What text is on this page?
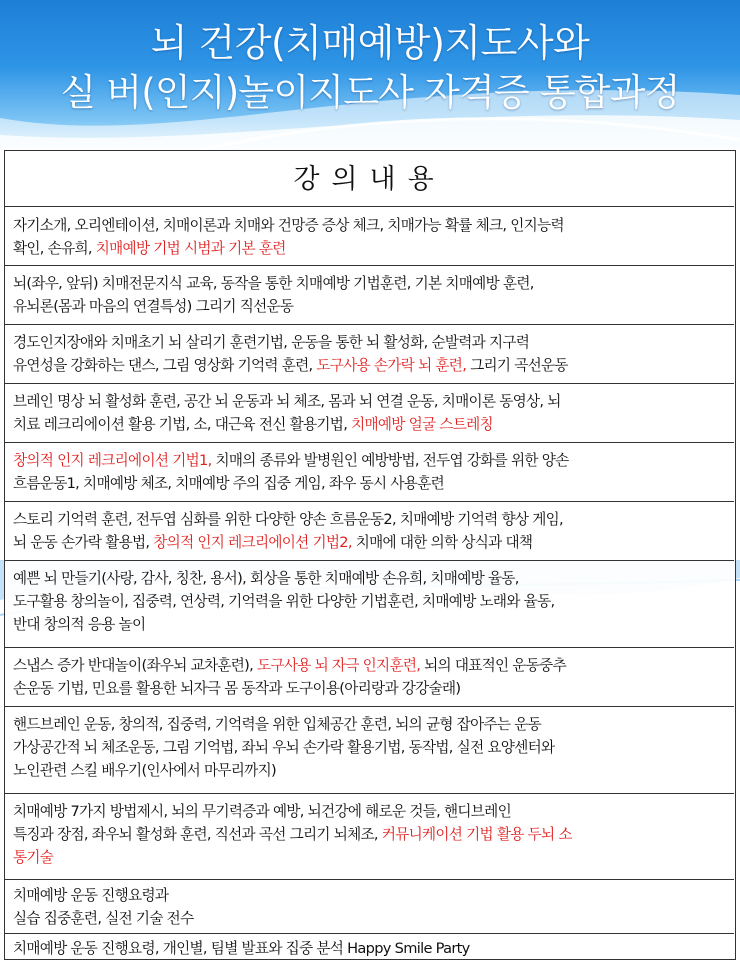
뇌 건강(치매예방)지도사와
실 버(인지)놀이지도사 자격증 통합과정
강의내용
자기소개, 오리엔테이션, 치매이론과 치매와 건망증 증상 체크, 치매가능 확률 체크, 인지능력
확인, 손유희, 치매예방 기법 시범과 기본 훈련
뇌(좌우, 앞뒤) 치매전문지식 교육, 동작을 통한 치매예방 기법훈련, 기본 치매예방 훈련,
유뇌론(몸과 마음의 연결특성) 그리기 직선운동
경도인지장애와 치매초기 뇌 살리기 훈련기법, 운동을 통한 뇌 활성화, 순발력과 지구력
유연성을 강화하는 댄스, 그림 영상화 기억력 훈련, 도구사용 손가락 뇌 훈련, 그리기 곡선운동
브레인 명상 뇌 활성화 훈련, 공간 뇌 운동과 뇌 체조, 몸과 뇌 연결 운동, 치매이론 동영상, 뇌
치료 레크리에이션 활용 기법, 소, 대근육 전신 활용기법, 치매예방 얼굴 스트레칭
창의적 인지 레크리에이션 기법1, 치매의 종류와 발병원인 예방방법, 전두엽 강화를 위한 양손
흐름운동1, 치매예방 체조, 치매예방 주의 집중 게임, 좌우 동시 사용훈련
스토리 기억력 훈련, 전두엽 심화를 위한 다양한 양손 흐름운동2, 치매예방 기억력 향상 게임,
뇌 운동 손가락 활용법, 창의적 인지 레크리에이션 기법2, 치매에 대한 의학 상식과 대책
예쁜 뇌 만들기(사랑, 감사, 칭찬, 용서), 회상을 통한 치매예방 손유희, 치매예방 율동,
도구활용 창의놀이, 집중력, 연상력, 기억력을 위한 다양한 기법훈련, 치매예방 노래와 율동,
반대 창의적 응용 놀이
스냅스 증가 반대놀이(좌우뇌 교차훈련), 도구사용 뇌 자극 인지훈련, 뇌의 대표적인 운동중추
손운동 기법, 민요를 활용한 뇌자극 몸 동작과 도구이용(아리랑과 강강술래)
핸드브레인 운동, 창의적, 집중력, 기억력을 위한 입체공간 훈련, 뇌의 균형 잡아주는 운동
가상공간적 뇌 체조운동, 그림 기억법, 좌뇌 우뇌 손가락 활용기법, 동작법, 실전 요양센터와
노인관련 스킬 배우기(인사에서 마무리까지)
치매예방 7가지 방법제시, 뇌의 무기력증과 예방, 뇌건강에 해로운 것들, 핸디브레인
특징과 장점, 좌우뇌 활성화 훈련, 직선과 곡선 그리기 뇌체조, 커뮤니케이션 기법 활용 두뇌 소
통기술
치매예방 운동 진행요령과
실습 집중훈련, 실전 기술 전수
치매예방 운동 진행요령, 개인별, 팀별 발표와 집중 분석 Happy Smile Party
